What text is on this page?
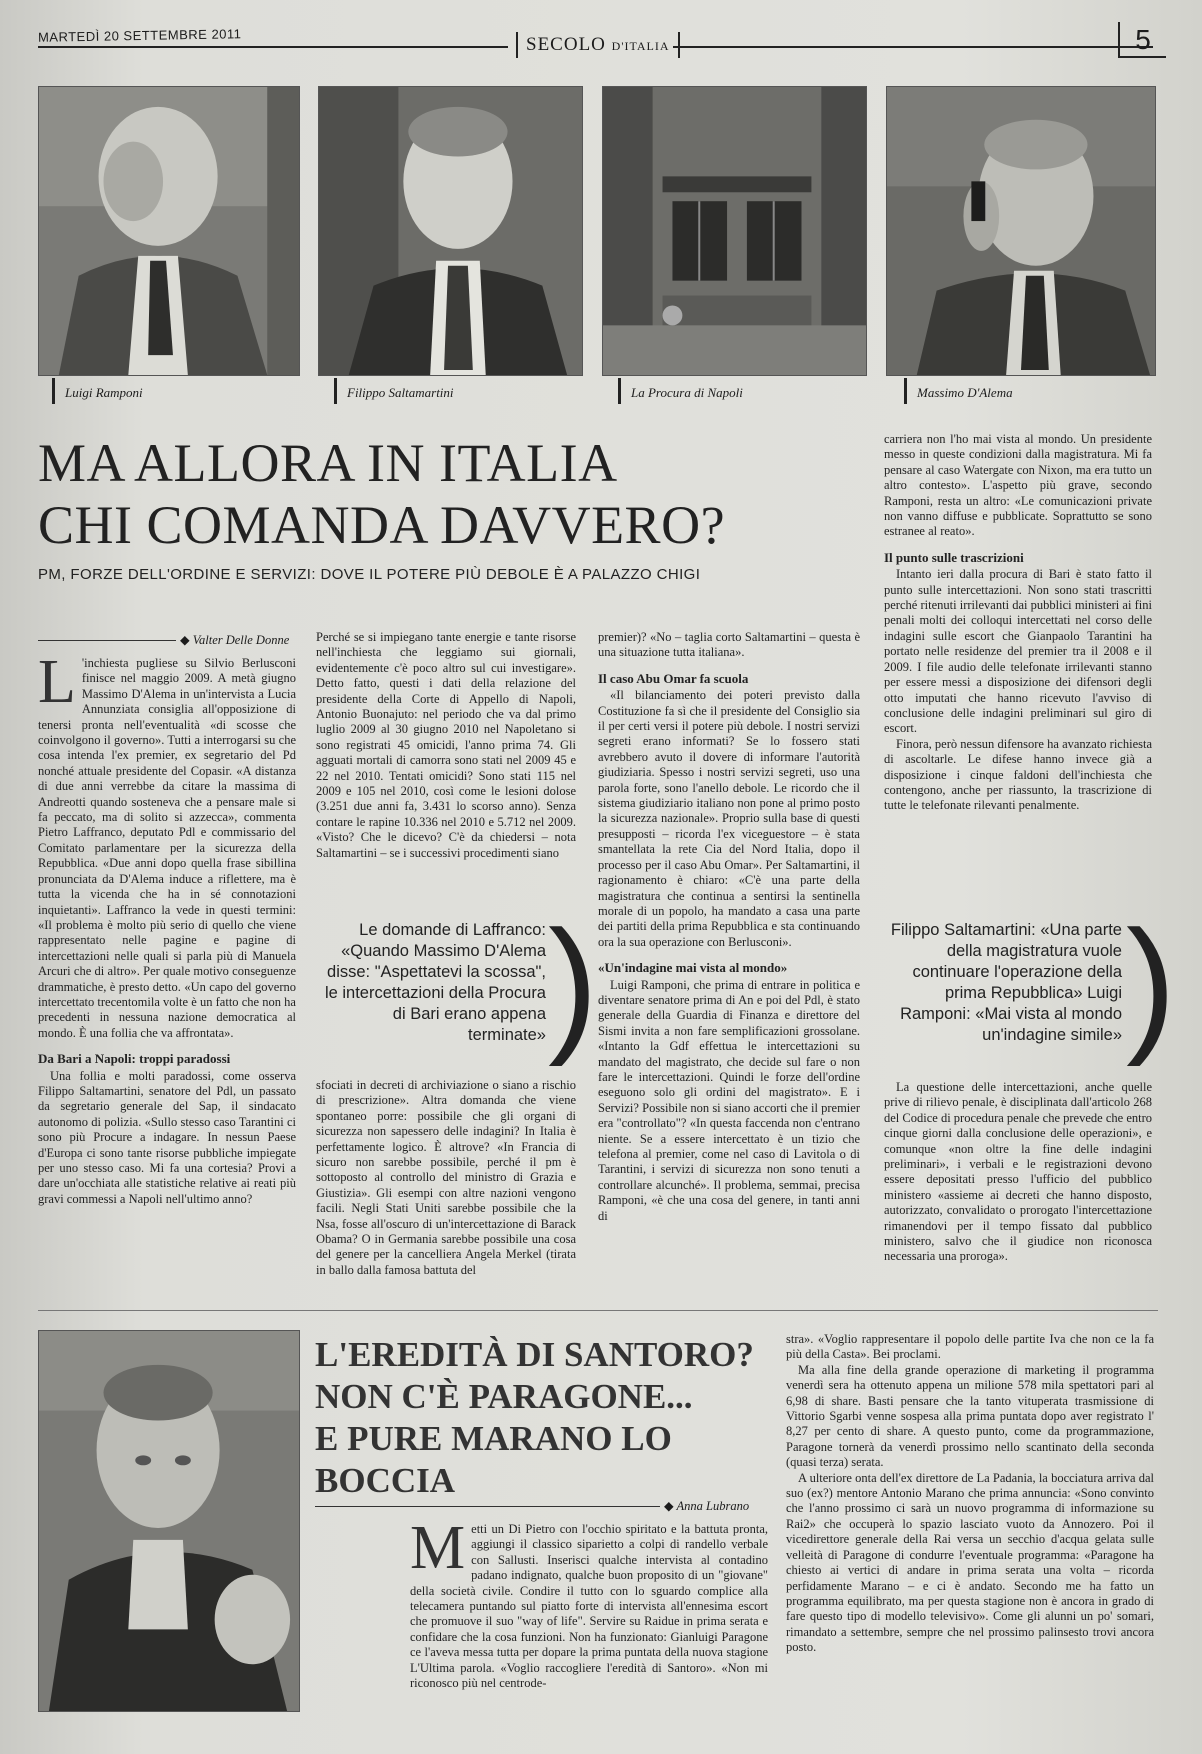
MARTEDÌ 20 SETTEMBRE 2011	SECOLO D'ITALIA	5
Luigi Ramponi	Filippo Saltamartini	La Procura di Napoli	Massimo D'Alema
MA ALLORA IN ITALIA
CHI COMANDA DAVVERO?
PM, FORZE DELL'ORDINE E SERVIZI: DOVE IL POTERE PIÙ DEBOLE È A PALAZZO CHIGI
◆ Valter Delle Donne

L 'inchiesta pugliese su Silvio Berlusconi finisce nel maggio 2009. A metà giugno Massimo D'Alema in un'intervista a Lucia Annunziata consiglia all'opposizione di tenersi pronta nell'eventualità «di scosse che coinvolgono il governo». Tutti a interrogarsi su che cosa intenda l'ex premier, ex segretario del Pd nonché attuale presidente del Copasir. «A distanza di due anni verrebbe da citare la massima di Andreotti quando sosteneva che a pensare male si fa peccato, ma di solito si azzecca», commenta Pietro Laffranco, deputato Pdl e commissario del Comitato parlamentare per la sicurezza della Repubblica. «Due anni dopo quella frase sibillina pronunciata da D'Alema induce a riflettere, ma è tutta la vicenda che ha in sé connotazioni inquietanti». Laffranco la vede in questi termini: «Il problema è molto più serio di quello che viene rappresentato nelle pagine e pagine di intercettazioni nelle quali si parla più di Manuela Arcuri che di altro». Per quale motivo conseguenze drammatiche, è presto detto. «Un capo del governo intercettato trecentomila volte è un fatto che non ha precedenti in nessuna nazione democratica al mondo. È una follia che va affrontata».

Da Bari a Napoli: troppi paradossi

Una follia e molti paradossi, come osserva Filippo Saltamartini, senatore del Pdl, un passato da segretario generale del Sap, il sindacato autonomo di polizia. «Sullo stesso caso Tarantini ci sono più Procure a indagare. In nessun Paese d'Europa ci sono tante risorse pubbliche impiegate per uno stesso caso. Mi fa una cortesia? Provi a dare un'occhiata alle statistiche relative ai reati più gravi commessi a Napoli nell'ultimo anno?

Perché se si impiegano tante energie e tante risorse nell'inchiesta che leggiamo sui giornali, evidentemente c'è poco altro sul cui investigare». Detto fatto, questi i dati della relazione del presidente della Corte di Appello di Napoli, Antonio Buonajuto: nel periodo che va dal primo luglio 2009 al 30 giugno 2010 nel Napoletano si sono registrati 45 omicidi, l'anno prima 74. Gli agguati mortali di camorra sono stati nel 2009 45 e 22 nel 2010. Tentati omicidi? Sono stati 115 nel 2009 e 105 nel 2010, così come le lesioni dolose (3.251 due anni fa, 3.431 lo scorso anno). Senza contare le rapine 10.336 nel 2010 e 5.712 nel 2009. «Visto? Che le dicevo? C'è da chiedersi – nota Saltamartini – se i successivi procedimenti siano

Le domande di Laffranco: «Quando Massimo D'Alema disse: "Aspettatevi la scossa", le intercettazioni della Procura di Bari erano appena terminate» )

sfociati in decreti di archiviazione o siano a rischio di prescrizione». Altra domanda che viene spontaneo porre: possibile che gli organi di sicurezza non sapessero delle indagini? In Italia è perfettamente logico. È altrove? «In Francia di sicuro non sarebbe possibile, perché il pm è sottoposto al controllo del ministro di Grazia e Giustizia». Gli esempi con altre nazioni vengono facili. Negli Stati Uniti sarebbe possibile che la Nsa, fosse all'oscuro di un'intercettazione di Barack Obama? O in Germania sarebbe possibile una cosa del genere per la cancelliera Angela Merkel (tirata in ballo dalla famosa battuta del

premier)? «No – taglia corto Saltamartini – questa è una situazione tutta italiana».

Il caso Abu Omar fa scuola

«Il bilanciamento dei poteri previsto dalla Costituzione fa sì che il presidente del Consiglio sia il per certi versi il potere più debole. I nostri servizi segreti erano informati? Se lo fossero stati avrebbero avuto il dovere di informare l'autorità giudiziaria. Spesso i nostri servizi segreti, uso una parola forte, sono l'anello debole. Le ricordo che il sistema giudiziario italiano non pone al primo posto la sicurezza nazionale». Proprio sulla base di questi presupposti – ricorda l'ex viceguestore – è stata smantellata la rete Cia del Nord Italia, dopo il processo per il caso Abu Omar». Per Saltamartini, il ragionamento è chiaro: «C'è una parte della magistratura che continua a sentirsi la sentinella morale di un popolo, ha mandato a casa una parte dei partiti della prima Repubblica e sta continuando ora la sua operazione con Berlusconi».

«Un'indagine mai vista al mondo»

Luigi Ramponi, che prima di entrare in politica e diventare senatore prima di An e poi del Pdl, è stato generale della Guardia di Finanza e direttore del Sismi invita a non fare semplificazioni grossolane. «Intanto la Gdf effettua le intercettazioni su mandato del magistrato, che decide sul fare o non fare le intercettazioni. Quindi le forze dell'ordine eseguono solo gli ordini del magistrato». E i Servizi? Possibile non si siano accorti che il premier era "controllato"? «In questa faccenda non c'entrano niente. Se a essere intercettato è un tizio che telefona al premier, come nel caso di Lavitola o di Tarantini, i servizi di sicurezza non sono tenuti a controllare alcunché». Il problema, semmai, precisa Ramponi, «è che una cosa del genere, in tanti anni di

carriera non l'ho mai vista al mondo. Un presidente messo in queste condizioni dalla magistratura. Mi fa pensare al caso Watergate con Nixon, ma era tutto un altro contesto». L'aspetto più grave, secondo Ramponi, resta un altro: «Le comunicazioni private non vanno diffuse e pubblicate. Soprattutto se sono estranee al reato».

Il punto sulle trascrizioni

Intanto ieri dalla procura di Bari è stato fatto il punto sulle intercettazioni. Non sono stati trascritti perché ritenuti irrilevanti dai pubblici ministeri ai fini penali molti dei colloqui intercettati nel corso delle indagini sulle escort che Gianpaolo Tarantini ha portato nelle residenze del premier tra il 2008 e il 2009. I file audio delle telefonate irrilevanti stanno per essere messi a disposizione dei difensori degli otto imputati che hanno ricevuto l'avviso di conclusione delle indagini preliminari sul giro di escort.

Finora, però nessun difensore ha avanzato richiesta di ascoltarle. Le difese hanno invece già a disposizione i cinque faldoni dell'inchiesta che contengono, anche per riassunto, la trascrizione di tutte le telefonate rilevanti penalmente.

Filippo Saltamartini: «Una parte della magistratura vuole continuare l'operazione della prima Repubblica» Luigi Ramponi: «Mai vista al mondo un'indagine simile» )

La questione delle intercettazioni, anche quelle prive di rilievo penale, è disciplinata dall'articolo 268 del Codice di procedura penale che prevede che entro cinque giorni dalla conclusione delle operazioni», e comunque «non oltre la fine delle indagini preliminari», i verbali e le registrazioni devono essere depositati presso l'ufficio del pubblico ministero «assieme ai decreti che hanno disposto, autorizzato, convalidato o prorogato l'intercettazione rimanendovi per il tempo fissato dal pubblico ministero, salvo che il giudice non riconosca necessaria una proroga».

L'EREDITÀ DI SANTORO?
NON C'È PARAGONE...
E PURE MARANO LO BOCCIA
◆ Anna Lubrano

Metti un Di Pietro con l'occhio spiritato e la battuta pronta, aggiungi il classico siparietto a colpi di randello verbale con Sallusti. Inserisci qualche intervista al contadino padano indignato, qualche buon proposito di un "giovane" della società civile. Condire il tutto con lo sguardo complice alla telecamera puntando sul piatto forte di intervista all'ennesima escort che promuove il suo "way of life". Servire su Raidue in prima serata e confidare che la cosa funzioni. Non ha funzionato: Gianluigi Paragone ce l'aveva messa tutta per dopare la prima puntata della nuova stagione L'Ultima parola. «Voglio raccogliere l'eredità di Santoro». «Non mi riconosco più nel centrode-

stra». «Voglio rappresentare il popolo delle partite Iva che non ce la fa più della Casta». Bei proclami.

Ma alla fine della grande operazione di marketing il programma venerdì sera ha ottenuto appena un milione 578 mila spettatori pari al 6,98 di share. Basti pensare che la tanto vituperata trasmissione di Vittorio Sgarbi venne sospesa alla prima puntata dopo aver registrato l' 8,27 per cento di share. A questo punto, come da programmazione, Paragone tornerà da venerdì prossimo nello scantinato della seconda (quasi terza) serata.

A ulteriore onta dell'ex direttore de La Padania, la bocciatura arriva dal suo (ex?) mentore Antonio Marano che prima annuncia: «Sono convinto che l'anno prossimo ci sarà un nuovo programma di informazione su Rai2» che occuperà lo spazio lasciato vuoto da Annozero. Poi il vicedirettore generale della Rai versa un secchio d'acqua gelata sulle velleità di Paragone di condurre l'eventuale programma: «Paragone ha chiesto ai vertici di andare in prima serata una volta – ricorda perfidamente Marano – e ci è andato. Secondo me ha fatto un programma equilibrato, ma per questa stagione non è ancora in grado di fare questo tipo di modello televisivo». Come gli alunni un po' somari, rimandato a settembre, sempre che nel prossimo palinsesto trovi ancora posto.
